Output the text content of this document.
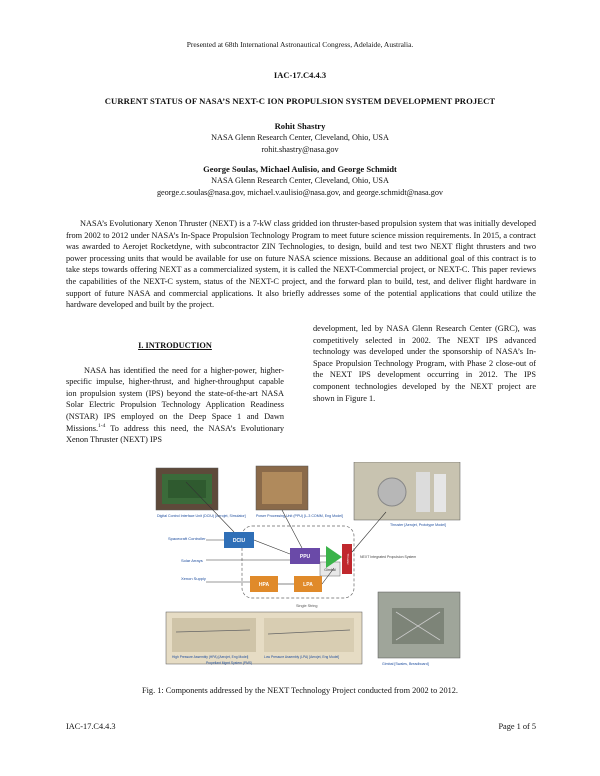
Presented at 68th International Astronautical Congress, Adelaide, Australia.
IAC-17.C4.4.3
CURRENT STATUS OF NASA’S NEXT-C ION PROPULSION SYSTEM DEVELOPMENT PROJECT
Rohit Shastry
NASA Glenn Research Center, Cleveland, Ohio, USA
rohit.shastry@nasa.gov
George Soulas, Michael Aulisio, and George Schmidt
NASA Glenn Research Center, Cleveland, Ohio, USA
george.c.soulas@nasa.gov, michael.v.aulisio@nasa.gov, and george.schmidt@nasa.gov
NASA’s Evolutionary Xenon Thruster (NEXT) is a 7-kW class gridded ion thruster-based propulsion system that was initially developed from 2002 to 2012 under NASA’s In-Space Propulsion Technology Program to meet future science mission requirements. In 2015, a contract was awarded to Aerojet Rocketdyne, with subcontractor ZIN Technologies, to design, build and test two NEXT flight thrusters and two power processing units that would be available for use on future NASA science missions. Because an additional goal of this contract is to take steps towards offering NEXT as a commercialized system, it is called the NEXT-Commercial project, or NEXT-C. This paper reviews the capabilities of the NEXT-C system, status of the NEXT-C project, and the forward plan to build, test, and deliver flight hardware in support of future NASA and commercial applications. It also briefly addresses some of the potential applications that could utilize the hardware developed and built by the project.
I. INTRODUCTION

NASA has identified the need for a higher-power, higher-specific impulse, higher-thrust, and higher-throughput capable ion propulsion system (IPS) beyond the state-of-the-art NASA Solar Electric Propulsion Technology Application Readiness (NSTAR) IPS employed on the Deep Space 1 and Dawn Missions.$^{1-4}$ To address this need, the NASA’s Evolutionary Xenon Thruster (NEXT) IPS

development, led by NASA Glenn Research Center (GRC), was competitively selected in 2002. The NEXT IPS advanced technology was developed under the sponsorship of NASA’s In-Space Propulsion Technology Program, with Phase 2 close-out of the NEXT IPS development occurring in 2012. The IPS component technologies developed by the NEXT project are shown in Figure 1.

Digital Control Interface Unit (DCIU) [Aerojet, Simulator]	Power Processing Unit (PPU) [L-3 COMM, Eng Model]
Thruster [Aerojet, Prototype Model]
Spacecraft Controller
Solar Arrays
Xenon Supply
DCIU
PPU
Gimbal
HPA	LPA
Thruster	NEXT Integrated Propulsion System
Single String
High Pressure Assembly (HPA) [Aerojet, Eng Model]	Low Pressure Assembly (LPA) [Aerojet, Eng Model]
Propellant Mgmt System (PMS)	Gimbal [Swales, Breadboard]
Fig. 1: Components addressed by the NEXT Technology Project conducted from 2002 to 2012.
IAC-17.C4.4.3	Page 1 of 5
